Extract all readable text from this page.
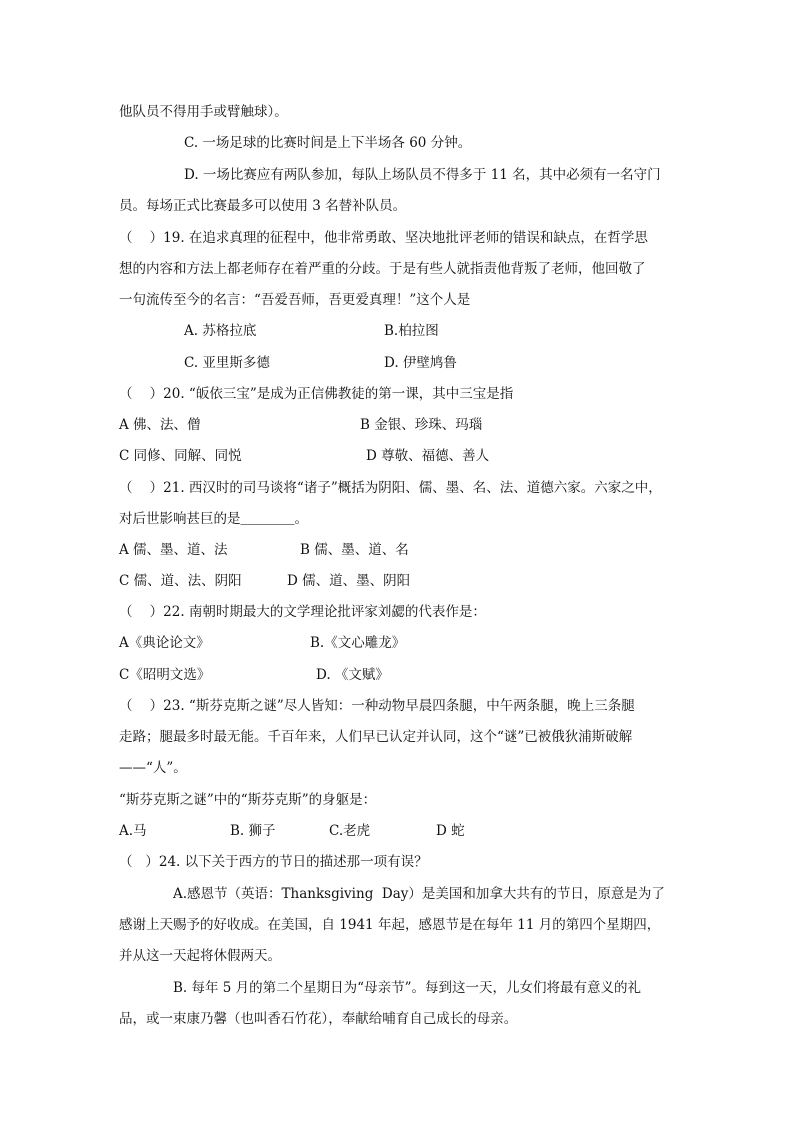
他队员不得用手或臂触球）。
C. 一场足球的比赛时间是上下半场各 60 分钟。
D. 一场比赛应有两队参加，每队上场队员不得多于 11 名，其中必须有一名守门
员。每场正式比赛最多可以使用 3 名替补队员。
（    ）19. 在追求真理的征程中，他非常勇敢、坚决地批评老师的错误和缺点，在哲学思
想的内容和方法上都老师存在着严重的分歧。于是有些人就指责他背叛了老师，他回敬了
一句流传至今的名言：“吾爱吾师，吾更爱真理！”这个人是
A. 苏格拉底	B.柏拉图
C. 亚里斯多德	D. 伊壁鸠鲁
（    ）20. “皈依三宝”是成为正信佛教徒的第一课，其中三宝是指
A 佛、法、僧	B 金银、珍珠、玛瑙
C 同修、同解、同悦	D 尊敬、福德、善人
（    ）21. 西汉时的司马谈将“诸子”概括为阴阳、儒、墨、名、法、道德六家。六家之中，
对后世影响甚巨的是＿＿＿＿。
A 儒、墨、道、法	B 儒、墨、道、名
C 儒、道、法、阴阳	D 儒、道、墨、阴阳
（    ）22. 南朝时期最大的文学理论批评家刘勰的代表作是：
A《典论论文》	B.《文心雕龙》
C《昭明文选》	D. 《文赋》
（    ）23. “斯芬克斯之谜”尽人皆知：一种动物早晨四条腿，中午两条腿，晚上三条腿
走路；腿最多时最无能。千百年来，人们早已认定并认同，这个“谜”已被俄狄浦斯破解
——“人”。
“斯芬克斯之谜”中的“斯芬克斯”的身躯是：
A.马	B. 狮子	C.老虎	D 蛇
（   ）24. 以下关于西方的节日的描述那一项有误？
A.感恩节（英语：Thanksgiving  Day）是美国和加拿大共有的节日，原意是为了
感谢上天赐予的好收成。在美国，自 1941 年起，感恩节是在每年 11 月的第四个星期四，
并从这一天起将休假两天。
B. 每年 5 月的第二个星期日为“母亲节”。每到这一天，儿女们将最有意义的礼
品，或一束康乃馨（也叫香石竹花），奉献给哺育自己成长的母亲。
